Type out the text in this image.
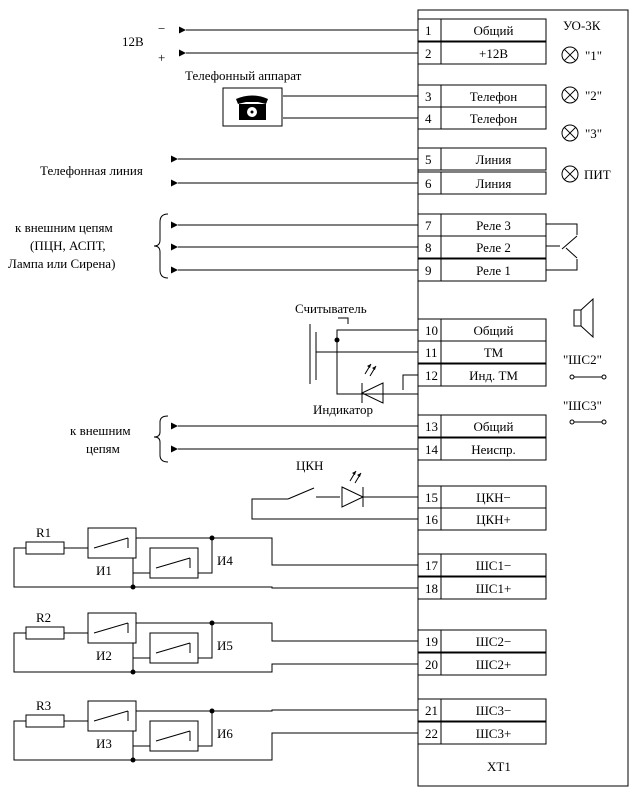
УО-3К
ХТ1
1	Общий
2	+12В
3	Телефон
4	Телефон
5	Линия
6	Линия
7	Реле 3
8	Реле 2
9	Реле 1
10	Общий
11	ТМ
12 Инд. ТМ
13	Общий
14	Неиспр.
15	ЦКН−
16	ЦКН+
17	ШС1−
18	ШС1+
19	ШС2−
20	ШС2+
21	ШС3−
22	ШС3+
"1"
"2"
"3"
ПИТ
"ШС2"
"ШС3"
12В
−
+
Телефонный аппарат
Телефонная линия
к внешним цепям
(ПЦН, АСПТ,
Лампа или Сирена)
Считыватель
Индикатор
к внешним
цепям
ЦКН
R1
И1
И4
R2
И2
И5
R3
И3
И6
